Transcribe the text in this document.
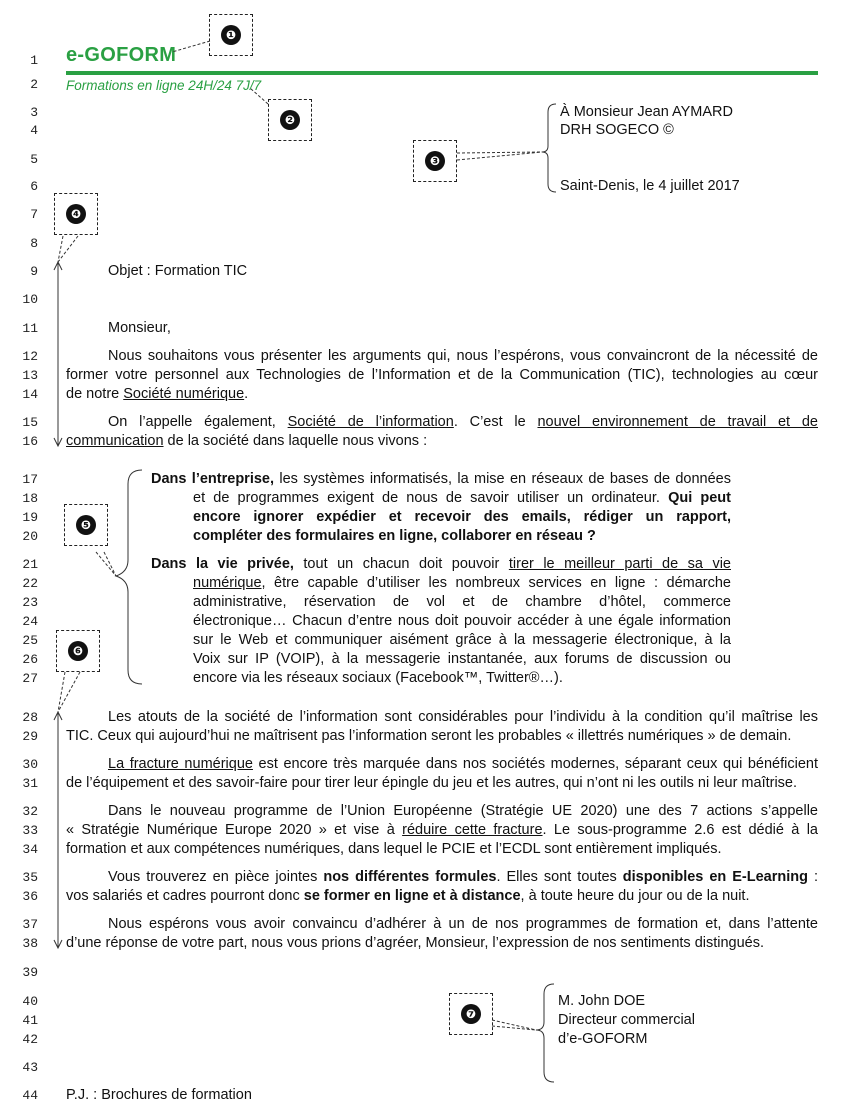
1
2
3
4
5
6
7
8
9
10
11
12
13
14
15
16
17
18
19
20
21
22
23
24
25
26
27
28
29
30
31
32
33
34
35
36
37
38
39
40
41
42
43
44
e-GOFORM
Formations en ligne 24H/24 7J/7
❶
❷
❸
❹
❺
❻
❼
À Monsieur Jean AYMARD
DRH SOGECO ©
Saint-Denis, le 4 juillet 2017
Objet : Formation TIC
Monsieur,
Nous souhaitons vous présenter les arguments qui, nous l’espérons, vous convaincront de la nécessité de
former votre personnel aux Technologies de l’Information et de la Communication (TIC), technologies au cœur
de notre Société numérique.
On l’appelle également, Société de l’information. C’est le nouvel environnement de travail et de
communication de la société dans laquelle nous vivons :
Dans l’entreprise, les systèmes informatisés, la mise en réseaux de bases de données
et de programmes exigent de nous de savoir utiliser un ordinateur. Qui peut
encore ignorer expédier et recevoir des emails, rédiger un rapport,
compléter des formulaires en ligne, collaborer en réseau ?
Dans la vie privée, tout un chacun doit pouvoir tirer le meilleur parti de sa vie
numérique, être capable d’utiliser les nombreux services en ligne : démarche
administrative, réservation de vol et de chambre d’hôtel, commerce
électronique… Chacun d’entre nous doit pouvoir accéder à une égale information
sur le Web et communiquer aisément grâce à la messagerie électronique, à la
Voix sur IP (VOIP), à la messagerie instantanée, aux forums de discussion ou
encore via les réseaux sociaux (Facebook™, Twitter®…).
Les atouts de la société de l’information sont considérables pour l’individu à la condition qu’il maîtrise les
TIC. Ceux qui aujourd’hui ne maîtrisent pas l’information seront les probables « illettrés numériques » de demain.
La fracture numérique est encore très marquée dans nos sociétés modernes, séparant ceux qui bénéficient
de l’équipement et des savoir-faire pour tirer leur épingle du jeu et les autres, qui n’ont ni les outils ni leur maîtrise.
Dans le nouveau programme de l’Union Européenne (Stratégie UE 2020) une des 7 actions s’appelle
« Stratégie Numérique Europe 2020 » et vise à réduire cette fracture. Le sous-programme 2.6 est dédié à la
formation et aux compétences numériques, dans lequel le PCIE et l’ECDL sont entièrement impliqués.
Vous trouverez en pièce jointes nos différentes formules. Elles sont toutes disponibles en E-Learning :
vos salariés et cadres pourront donc se former en ligne et à distance, à toute heure du jour ou de la nuit.
Nous espérons vous avoir convaincu d’adhérer à un de nos programmes de formation et, dans l’attente
d’une réponse de votre part, nous vous prions d’agréer, Monsieur, l’expression de nos sentiments distingués.
M. John DOE
Directeur commercial
d’e-GOFORM
P.J. : Brochures de formation
